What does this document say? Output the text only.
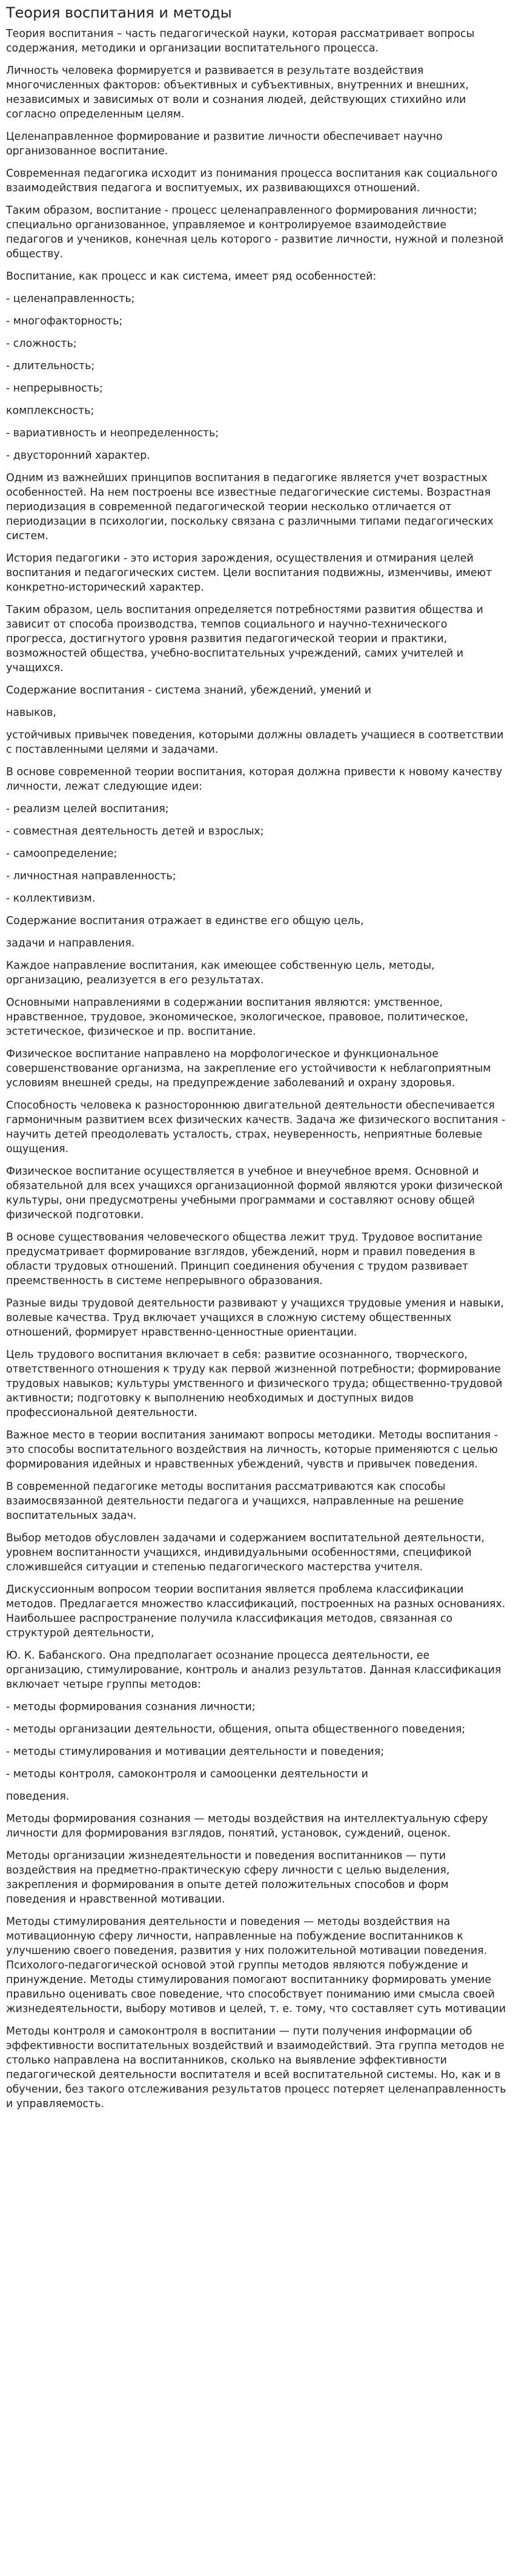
Теория воспитания и методы

Теория воспитания – часть педагогической науки, которая рассматривает вопросы содержания, методики и организации воспитательного процесса.

Личность человека формируется и развивается в результате воздействия многочисленных факторов: объективных и субъективных, внутренних и внешних, независимых и зависимых от воли и сознания людей, действующих стихийно или согласно определенным целям.

Целенаправленное формирование и развитие личности обеспечивает научно организованное воспитание.

Современная педагогика исходит из понимания процесса воспитания как социального взаимодействия педагога и воспитуемых, их развивающихся отношений.

Таким образом, воспитание - процесс целенаправленного формирования личности; специально организованное, управляемое и контролируемое взаимодействие педагогов и учеников, конечная цель которого - развитие личности, нужной и полезной обществу.

Воспитание, как процесс и как система, имеет ряд особенностей:

- целенаправленность;

- многофакторность;

- сложность;

- длительность;

- непрерывность;

комплексность;

- вариативность и неопределенность;

- двусторонний характер.

Одним из важнейших принципов воспитания в педагогике является учет возрастных особенностей. На нем построены все известные педагогические системы. Возрастная периодизация в современной педагогической теории несколько отличается от периодизации в психологии, поскольку связана с различными типами педагогических систем.

История педагогики - это история зарождения, осуществления и отмирания целей воспитания и педагогических систем. Цели воспитания подвижны, изменчивы, имеют конкретно-исторический характер.

Таким образом, цель воспитания определяется потребностями развития общества и зависит от способа производства, темпов социального и научно-технического прогресса, достигнутого уровня развития педагогической теории и практики, возможностей общества, учебно-воспитательных учреждений, самих учителей и учащихся.

Содержание воспитания - система знаний, убеждений, умений и

навыков,

устойчивых привычек поведения, которыми должны овладеть учащиеся в соответствии с поставленными целями и задачами.

В основе современной теории воспитания, которая должна привести к новому качеству личности, лежат следующие идеи:

- реализм целей воспитания;

- совместная деятельность детей и взрослых;

- самоопределение;

- личностная направленность;

- коллективизм.

Содержание воспитания отражает в единстве его общую цель,

задачи и направления.

Каждое направление воспитания, как имеющее собственную цель, методы, организацию, реализуется в его результатах.

Основными направлениями в содержании воспитания являются: умственное, нравственное, трудовое, экономическое, экологическое, правовое, политическое, эстетическое, физическое и пр. воспитание.

Физическое воспитание направлено на морфологическое и функциональное совершенствование организма, на закрепление его устойчивости к неблагоприятным условиям внешней среды, на предупреждение заболеваний и охрану здоровья.

Способность человека к разностороннюю двигательной деятельности обеспечивается гармоничным развитием всех физических качеств. Задача же физического воспитания - научить детей преодолевать усталость, страх, неуверенность, неприятные болевые ощущения.

Физическое воспитание осуществляется в учебное и внеучебное время. Основной и обязательной для всех учащихся организационной формой являются уроки физической культуры, они предусмотрены учебными программами и составляют основу общей физической подготовки.

В основе существования человеческого общества лежит труд. Трудовое воспитание предусматривает формирование взглядов, убеждений, норм и правил поведения в области трудовых отношений. Принцип соединения обучения с трудом развивает преемственность в системе непрерывного образования.

Разные виды трудовой деятельности развивают у учащихся трудовые умения и навыки, волевые качества. Труд включает учащихся в сложную систему общественных отношений, формирует нравственно-ценностные ориентации.

Цель трудового воспитания включает в себя: развитие осознанного, творческого, ответственного отношения к труду как первой жизненной потребности; формирование трудовых навыков; культуры умственного и физического труда; общественно-трудовой активности; подготовку к выполнению необходимых и доступных видов профессиональной деятельности.

Важное место в теории воспитания занимают вопросы методики. Методы воспитания - это способы воспитательного воздействия на личность, которые применяются с целью формирования идейных и нравственных убеждений, чувств и привычек поведения.

В современной педагогике методы воспитания рассматриваются как способы взаимосвязанной деятельности педагога и учащихся, направленные на решение воспитательных задач.

Выбор методов обусловлен задачами и содержанием воспитательной деятельности, уровнем воспитанности учащихся, индивидуальными особенностями, спецификой сложившейся ситуации и степенью педагогического мастерства учителя.

Дискуссионным вопросом теории воспитания является проблема классификации методов. Предлагается множество классификаций, построенных на разных основаниях. Наибольшее распространение получила классификация методов, связанная со структурой деятельности,

Ю. К. Бабанского. Она предполагает осознание процесса деятельности, ее организацию, стимулирование, контроль и анализ результатов. Данная классификация включает четыре группы методов:

- методы формирования сознания личности;

- методы организации деятельности, общения, опыта общественного поведения;

- методы стимулирования и мотивации деятельности и поведения;

- методы контроля, самоконтроля и самооценки деятельности и

поведения.

Методы формирования сознания — методы воздействия на интеллектуальную сферу личности для формирования взглядов, понятий, установок, суждений, оценок.

Методы организации жизнедеятельности и поведения воспитанников — пути воздействия на предметно-практическую сферу личности с целью выделения, закрепления и формирования в опыте детей положительных способов и форм поведения и нравственной мотивации.

Методы стимулирования деятельности и поведения — методы воздействия на мотивационную сферу личности, направленные на побуждение воспитанников к улучшению своего поведения, развития у них положительной мотивации поведения. Психолого-педагогической основой этой группы методов являются побуждение и принуждение. Методы стимулирования помогают воспитаннику формировать умение правильно оценивать свое поведение, что способствует пониманию ими смысла своей жизнедеятельности, выбору мотивов и целей, т. е. тому, что составляет суть мотивации

Методы контроля и самоконтроля в воспитании — пути получения информации об эффективности воспитательных воздействий и взаимодействий. Эта группа методов не столько направлена на воспитанников, сколько на выявление эффективности педагогической деятельности воспитателя и всей воспитательной системы. Но, как и в обучении, без такого отслеживания результатов процесс потеряет целенаправленность и управляемость.
